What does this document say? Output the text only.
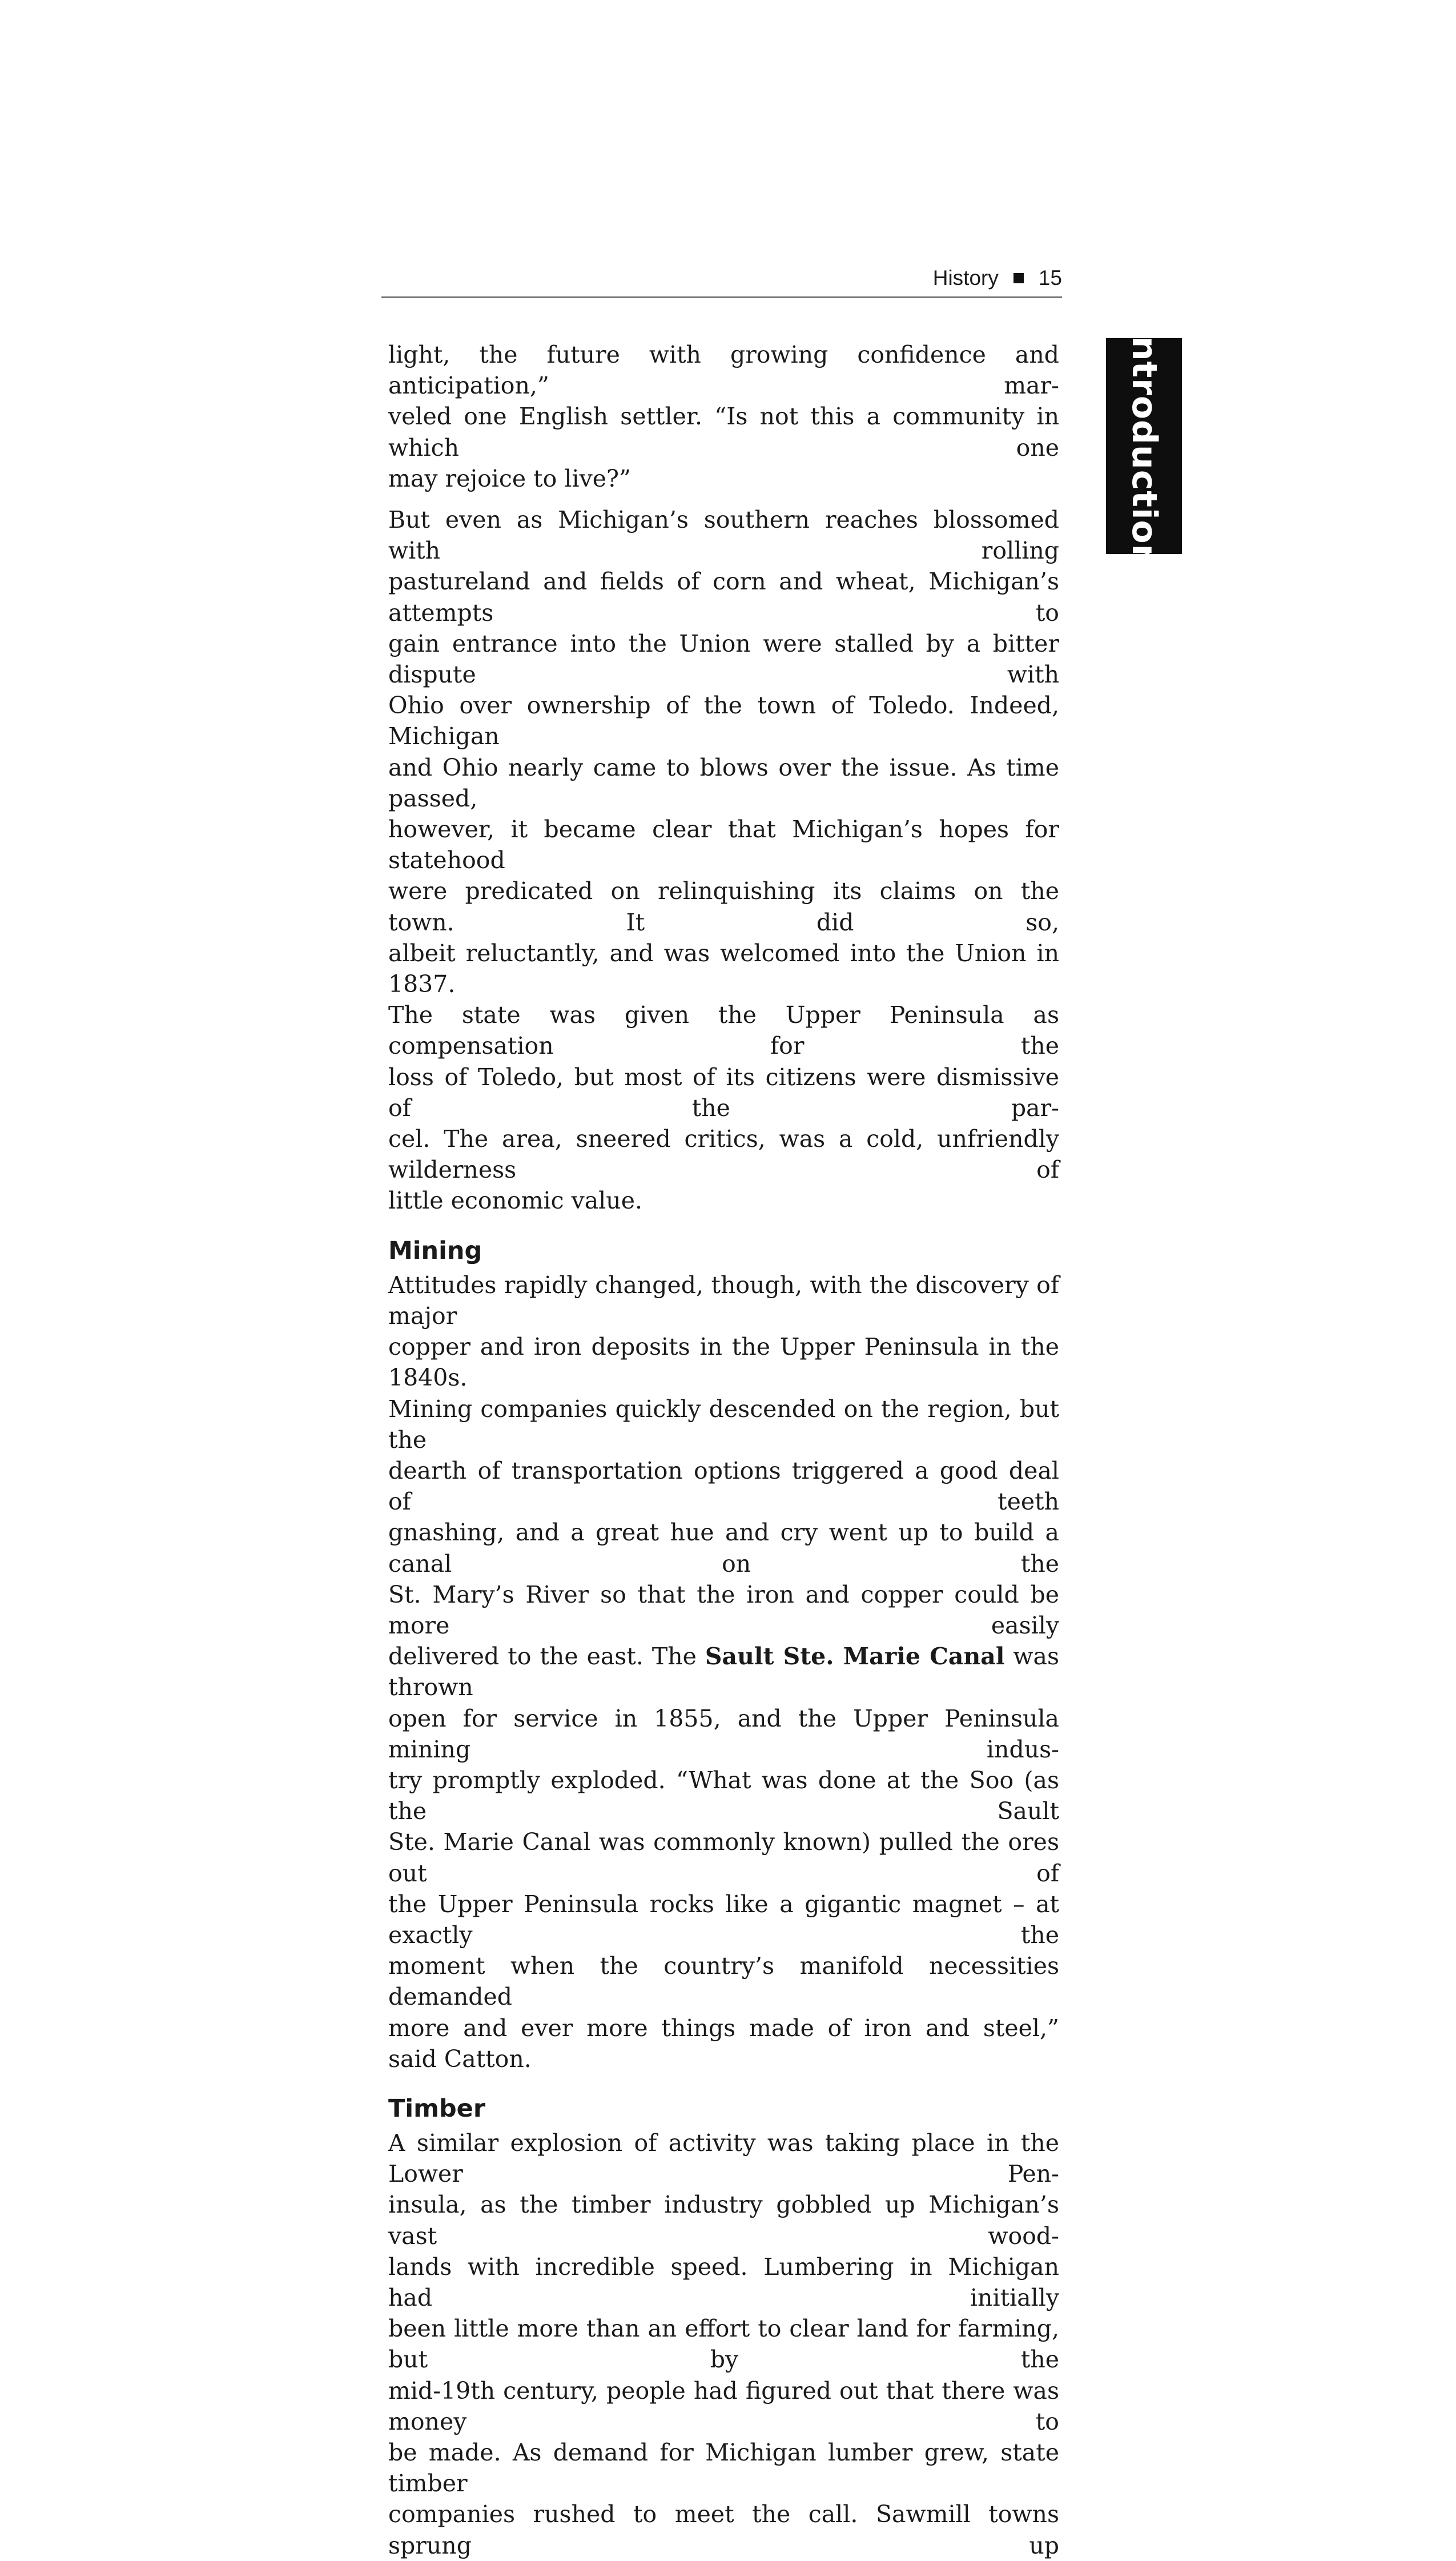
History 15
Introduction

light, the future with growing confidence and anticipation,” mar-

veled one English settler. “Is not this a community in which one

may rejoice to live?”

But even as Michigan’s southern reaches blossomed with rolling

pastureland and fields of corn and wheat, Michigan’s attempts to

gain entrance into the Union were stalled by a bitter dispute with

Ohio over ownership of the town of Toledo. Indeed, Michigan

and Ohio nearly came to blows over the issue. As time passed,

however, it became clear that Michigan’s hopes for statehood

were predicated on relinquishing its claims on the town. It did so,

albeit reluctantly, and was welcomed into the Union in 1837.

The state was given the Upper Peninsula as compensation for the

loss of Toledo, but most of its citizens were dismissive of the par-

cel. The area, sneered critics, was a cold, unfriendly wilderness of

little economic value.

Mining

Attitudes rapidly changed, though, with the discovery of major

copper and iron deposits in the Upper Peninsula in the 1840s.

Mining companies quickly descended on the region, but the

dearth of transportation options triggered a good deal of teeth

gnashing, and a great hue and cry went up to build a canal on the

St. Mary’s River so that the iron and copper could be more easily

delivered to the east. The Sault Ste. Marie Canal was thrown

open for service in 1855, and the Upper Peninsula mining indus-

try promptly exploded. “What was done at the Soo (as the Sault

Ste. Marie Canal was commonly known) pulled the ores out of

the Upper Peninsula rocks like a gigantic magnet – at exactly the

moment when the country’s manifold necessities demanded

more and ever more things made of iron and steel,” said Catton.

Timber

A similar explosion of activity was taking place in the Lower Pen-

insula, as the timber industry gobbled up Michigan’s vast wood-

lands with incredible speed. Lumbering in Michigan had initially

been little more than an effort to clear land for farming, but by the

mid-19th century, people had figured out that there was money to

be made. As demand for Michigan lumber grew, state timber

companies rushed to meet the call. Sawmill towns sprung up
